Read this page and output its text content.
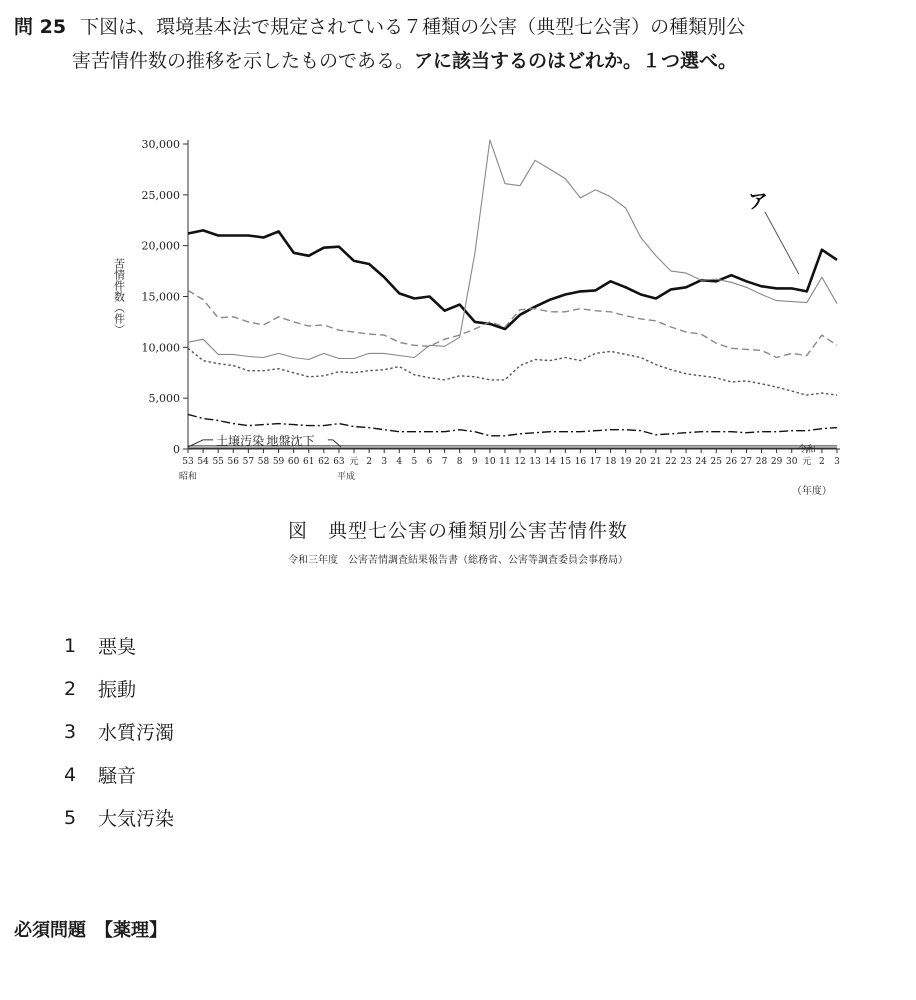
問 25 下図は、環境基本法で規定されている７種類の公害（典型七公害）の種類別公
害苦情件数の推移を示したものである。アに該当するのはどれか。１つ選べ。
0
5,000
10,000
15,000
20,000
25,000
30,000
苦情件数（件）
53 54 55 56 57 58 59 60 61 62 63 元 2 3 4 5 6 7 8 9 10 11 12 13 14 15 16 17 18 19 20 21 22 23 24 25 26 27 28 29 30 元 2 3
昭和	平成
令和
（年度）
ア
土壌汚染 地盤沈下
図　典型七公害の種類別公害苦情件数
令和三年度　公害苦情調査結果報告書（総務省、公害等調査委員会事務局）
1	悪臭
2	振動
3	水質汚濁
4	騒音
5	大気汚染
必須問題　【薬理】
